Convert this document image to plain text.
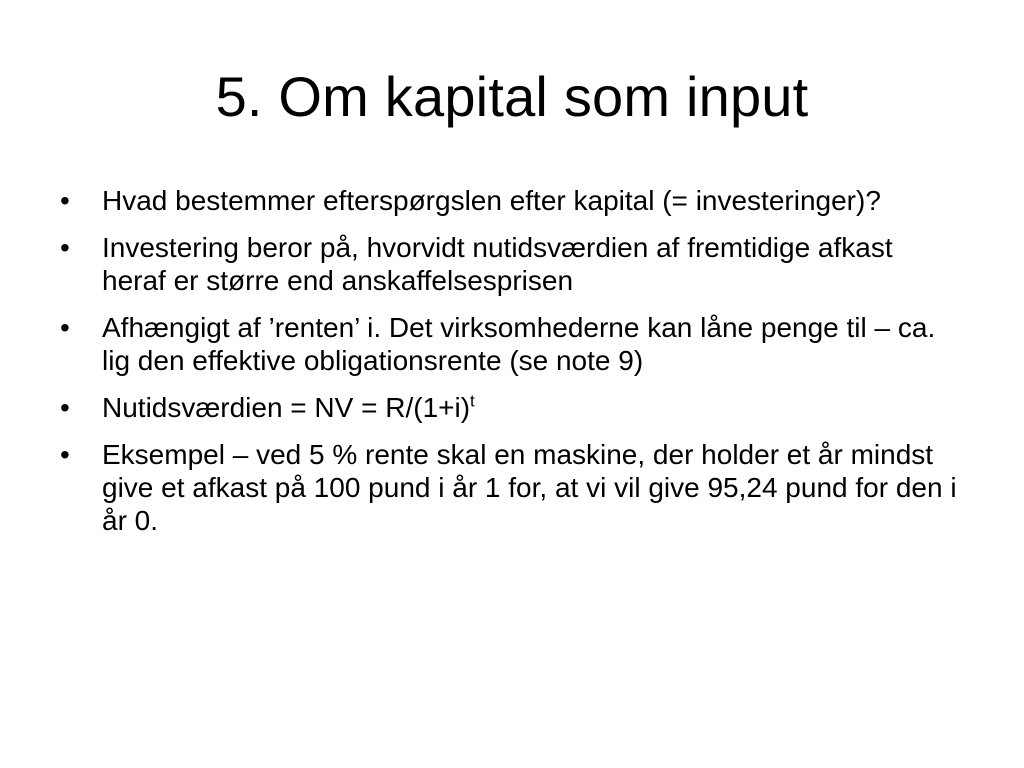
5. Om kapital som input
•	Hvad bestemmer efterspørgslen efter kapital (= investeringer)?
•	Investering beror på, hvorvidt nutidsværdien af fremtidige afkast heraf er større end anskaffelsesprisen
•	Afhængigt af ’renten’ i. Det virksomhederne kan låne penge til – ca. lig den effektive obligationsrente (se note 9)
•	Nutidsværdien = NV = $R/(1+i)^t$
•	Eksempel – ved 5 % rente skal en maskine, der holder et år mindst give et afkast på 100 pund i år 1 for, at vi vil give 95,24 pund for den i år 0.
